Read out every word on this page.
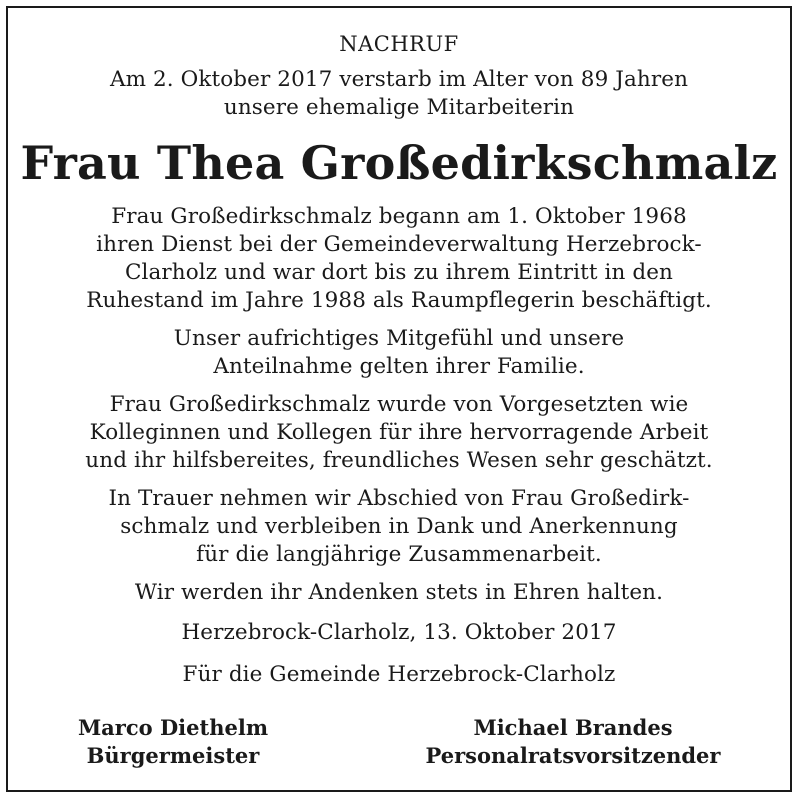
NACHRUF
Am 2. Oktober 2017 verstarb im Alter von 89 Jahren
unsere ehemalige Mitarbeiterin
Frau Thea Großedirkschmalz
Frau Großedirkschmalz begann am 1. Oktober 1968
ihren Dienst bei der Gemeindeverwaltung Herzebrock-
Clarholz und war dort bis zu ihrem Eintritt in den
Ruhestand im Jahre 1988 als Raumpflegerin beschäftigt.
Unser aufrichtiges Mitgefühl und unsere
Anteilnahme gelten ihrer Familie.
Frau Großedirkschmalz wurde von Vorgesetzten wie
Kolleginnen und Kollegen für ihre hervorragende Arbeit
und ihr hilfsbereites, freundliches Wesen sehr geschätzt.
In Trauer nehmen wir Abschied von Frau Großedirk-
schmalz und verbleiben in Dank und Anerkennung
für die langjährige Zusammenarbeit.
Wir werden ihr Andenken stets in Ehren halten.
Herzebrock-Clarholz, 13. Oktober 2017
Für die Gemeinde Herzebrock-Clarholz
Marco Diethelm
Bürgermeister
Michael Brandes
Personalratsvorsitzender
